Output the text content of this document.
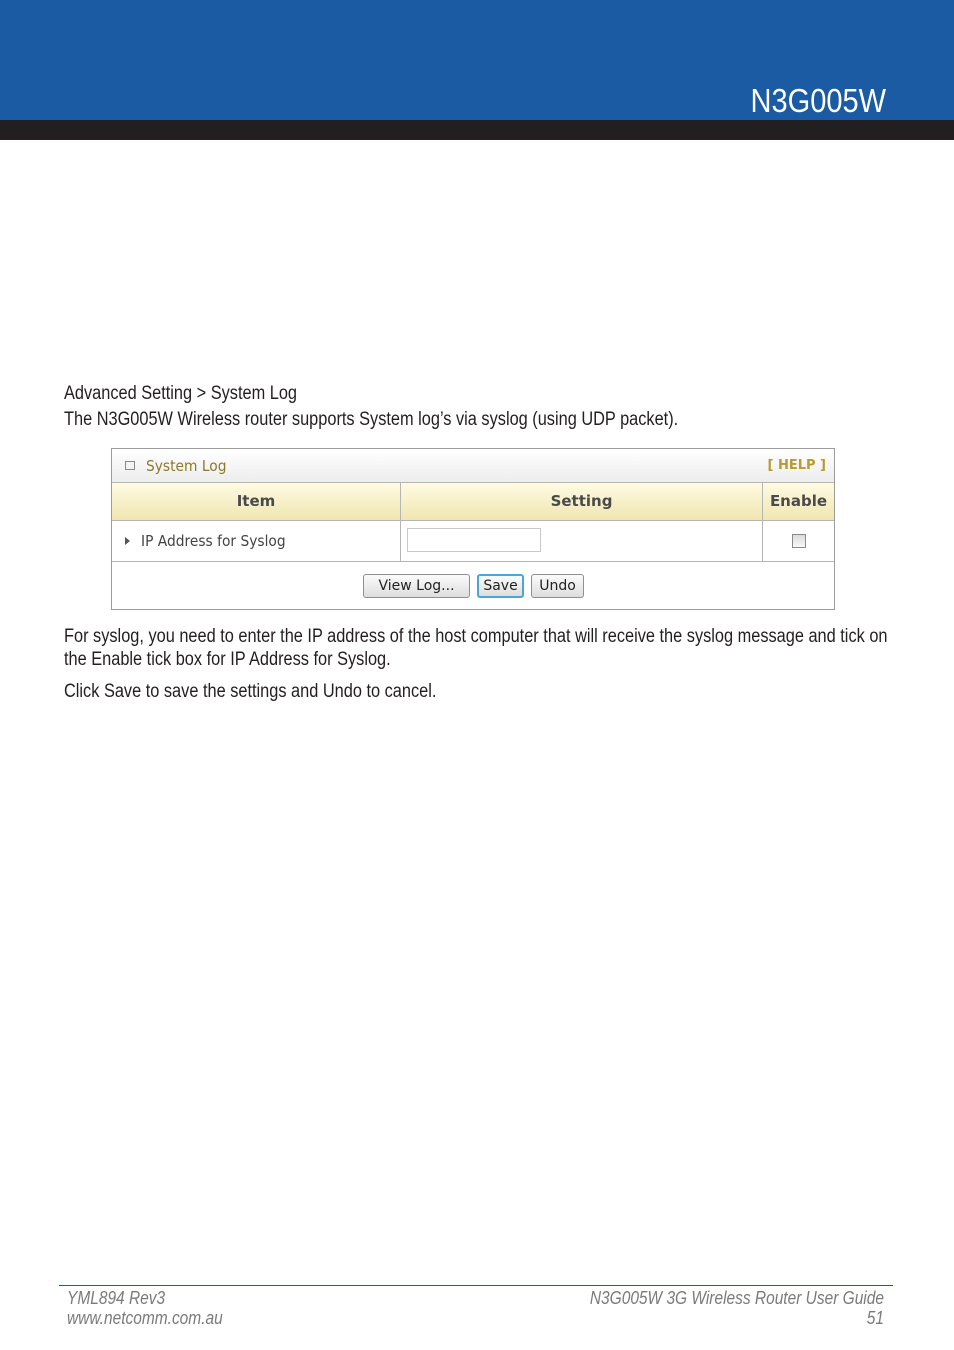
N3G005W
Advanced Setting > System Log
The N3G005W Wireless router supports System log’s via syslog (using UDP packet).
System Log	[ HELP ]
Item	Setting	Enable
IP Address for Syslog
View Log...	Save	Undo
For syslog, you need to enter the IP address of the host computer that will receive the syslog message and tick on the Enable tick box for IP Address for Syslog.
Click Save to save the settings and Undo to cancel.
YML894 Rev3
www.netcomm.com.au
N3G005W 3G Wireless Router User Guide
51
